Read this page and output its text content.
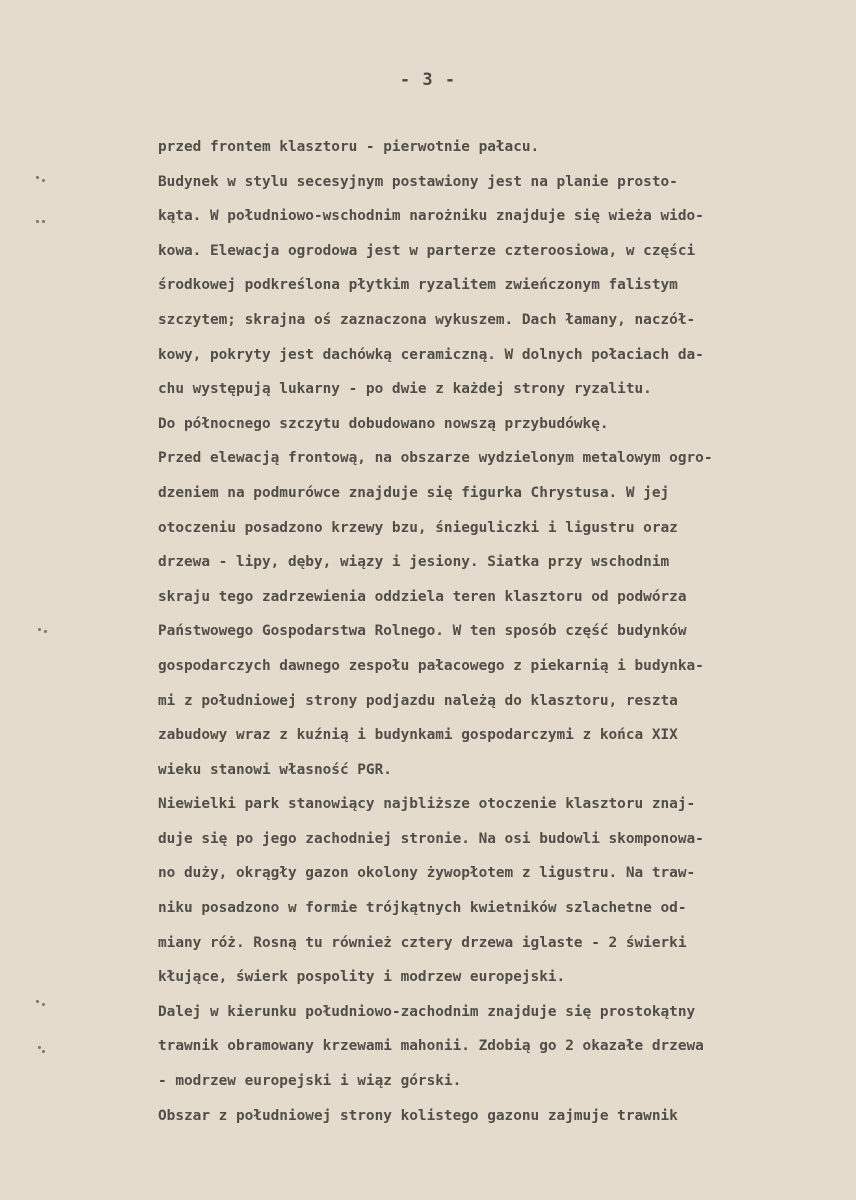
- 3 -
przed frontem klasztoru - pierwotnie pałacu.
Budynek w stylu secesyjnym postawiony jest na planie prosto-
kąta. W południowo-wschodnim narożniku znajduje się wieża wido-
kowa. Elewacja ogrodowa jest w parterze czteroosiowa, w części
środkowej podkreślona płytkim ryzalitem zwieńczonym falistym
szczytem; skrajna oś zaznaczona wykuszem. Dach łamany, naczół-
kowy, pokryty jest dachówką ceramiczną. W dolnych połaciach da-
chu występują lukarny - po dwie z każdej strony ryzalitu.
Do północnego szczytu dobudowano nowszą przybudówkę.
Przed elewacją frontową, na obszarze wydzielonym metalowym ogro-
dzeniem na podmurówce znajduje się figurka Chrystusa. W jej
otoczeniu posadzono krzewy bzu, śnieguliczki i ligustru oraz
drzewa - lipy, dęby, wiązy i jesiony. Siatka przy wschodnim
skraju tego zadrzewienia oddziela teren klasztoru od podwórza
Państwowego Gospodarstwa Rolnego. W ten sposób część budynków
gospodarczych dawnego zespołu pałacowego z piekarnią i budynka-
mi z południowej strony podjazdu należą do klasztoru, reszta
zabudowy wraz z kuźnią i budynkami gospodarczymi z końca XIX
wieku stanowi własność PGR.
Niewielki park stanowiący najbliższe otoczenie klasztoru znaj-
duje się po jego zachodniej stronie. Na osi budowli skomponowa-
no duży, okrągły gazon okolony żywopłotem z ligustru. Na traw-
niku posadzono w formie trójkątnych kwietników szlachetne od-
miany róż. Rosną tu również cztery drzewa iglaste - 2 świerki
kłujące, świerk pospolity i modrzew europejski.
Dalej w kierunku południowo-zachodnim znajduje się prostokątny
trawnik obramowany krzewami mahonii. Zdobią go 2 okazałe drzewa
- modrzew europejski i wiąz górski.
Obszar z południowej strony kolistego gazonu zajmuje trawnik
